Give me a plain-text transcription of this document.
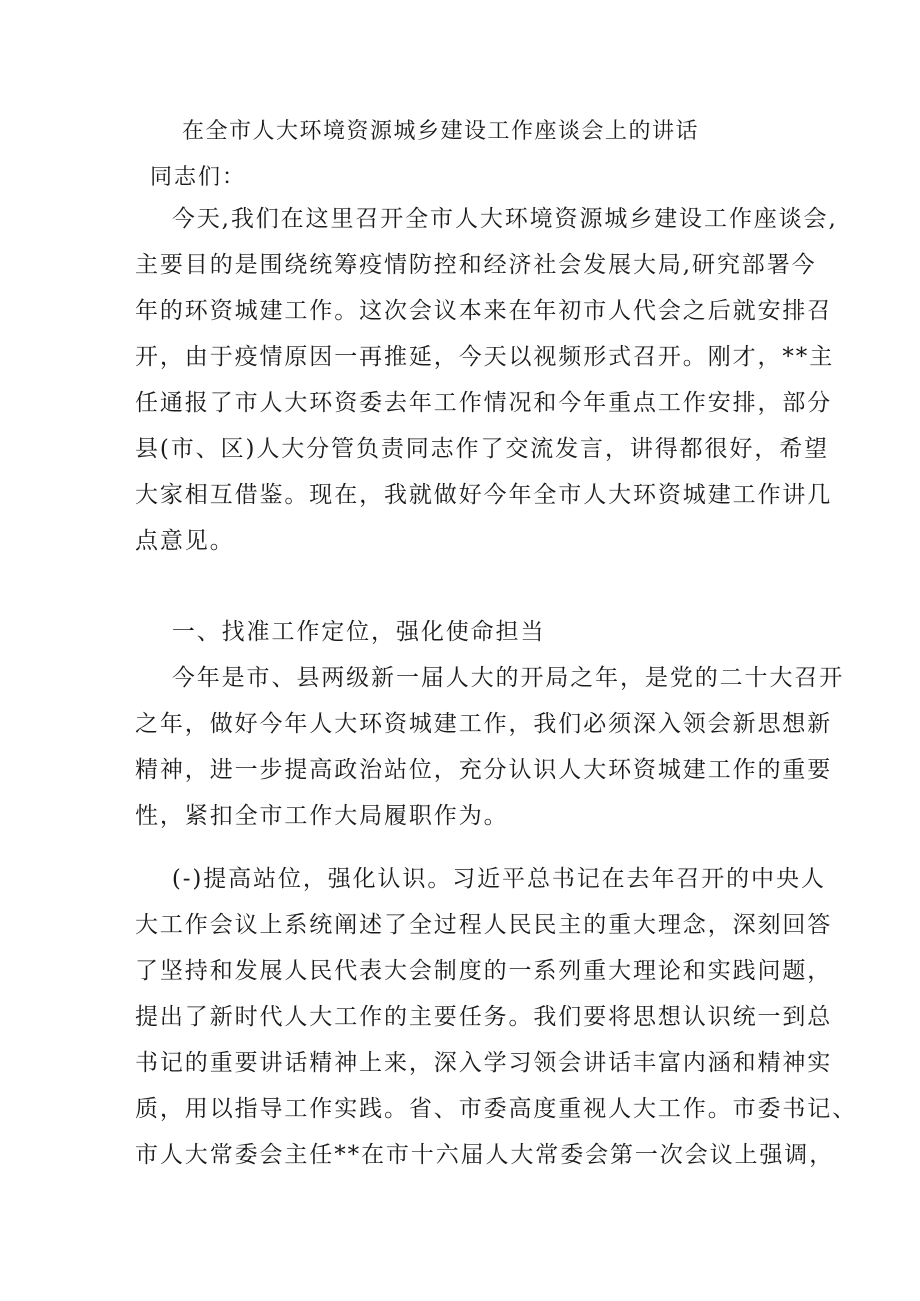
在全市人大环境资源城乡建设工作座谈会上的讲话
同志们：
今天,我们在这里召开全市人大环境资源城乡建设工作座谈会,
主要目的是围绕统筹疫情防控和经济社会发展大局,研究部署今
年的环资城建工作。这次会议本来在年初市人代会之后就安排召
开，由于疫情原因一再推延，今天以视频形式召开。刚才，**主
任通报了市人大环资委去年工作情况和今年重点工作安排，部分
县(市、区)人大分管负责同志作了交流发言，讲得都很好，希望
大家相互借鉴。现在，我就做好今年全市人大环资城建工作讲几
点意见。
一、找准工作定位，强化使命担当
今年是市、县两级新一届人大的开局之年，是党的二十大召开
之年，做好今年人大环资城建工作，我们必须深入领会新思想新
精神，进一步提高政治站位，充分认识人大环资城建工作的重要
性，紧扣全市工作大局履职作为。
(-)提高站位，强化认识。习近平总书记在去年召开的中央人
大工作会议上系统阐述了全过程人民民主的重大理念，深刻回答
了坚持和发展人民代表大会制度的一系列重大理论和实践问题，
提出了新时代人大工作的主要任务。我们要将思想认识统一到总
书记的重要讲话精神上来，深入学习领会讲话丰富内涵和精神实
质，用以指导工作实践。省、市委高度重视人大工作。市委书记、
市人大常委会主任**在市十六届人大常委会第一次会议上强调，
